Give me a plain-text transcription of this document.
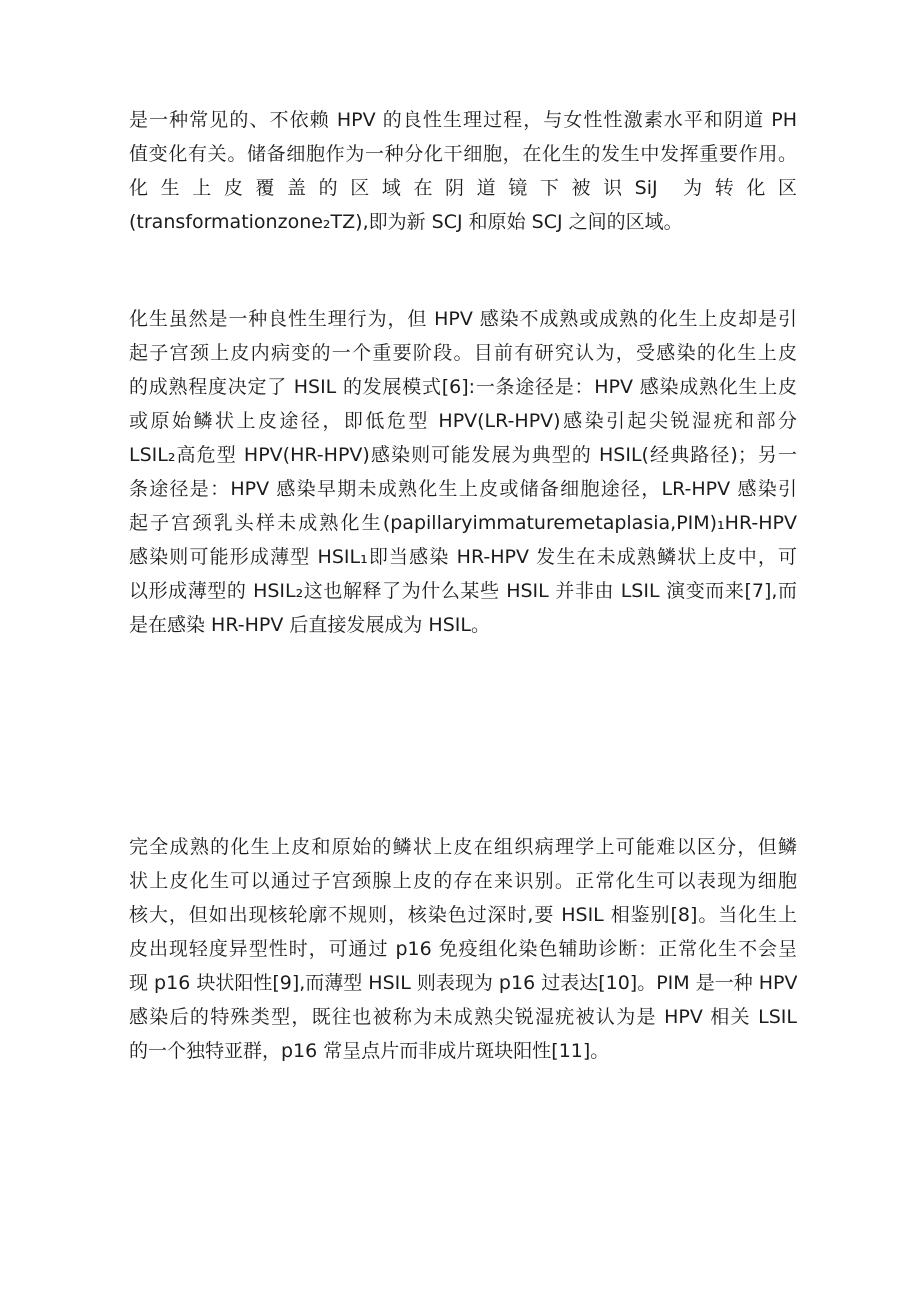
是一种常见的、不依赖 HPV 的良性生理过程，与女性性激素水平和阴道 PH
值变化有关。储备细胞作为一种分化干细胞，在化生的发生中发挥重要作用。
化 生 上 皮 覆 盖 的 区 域 在 阴 道 镜 下 被 识 SiJ　为 转 化 区
(transformationzone₂TZ),即为新 SCJ 和原始 SCJ 之间的区域。
化生虽然是一种良性生理行为，但 HPV 感染不成熟或成熟的化生上皮却是引
起子宫颈上皮内病变的一个重要阶段。目前有研究认为，受感染的化生上皮
的成熟程度决定了 HSIL 的发展模式[6]:一条途径是：HPV 感染成熟化生上皮
或原始鳞状上皮途径，即低危型 HPV(LR-HPV)感染引起尖锐湿疣和部分
LSIL₂高危型 HPV(HR-HPV)感染则可能发展为典型的 HSIL(经典路径)；另一
条途径是：HPV 感染早期未成熟化生上皮或储备细胞途径，LR-HPV 感染引
起子宫颈乳头样未成熟化生(papillaryimmaturemetaplasia,PIM)₁HR-HPV
感染则可能形成薄型 HSIL₁即当感染 HR-HPV 发生在未成熟鳞状上皮中，可
以形成薄型的 HSIL₂这也解释了为什么某些 HSIL 并非由 LSIL 演变而来[7],而
是在感染 HR-HPV 后直接发展成为 HSIL。
完全成熟的化生上皮和原始的鳞状上皮在组织病理学上可能难以区分，但鳞
状上皮化生可以通过子宫颈腺上皮的存在来识别。正常化生可以表现为细胞
核大，但如出现核轮廓不规则，核染色过深时,要 HSIL 相鉴别[8]。当化生上
皮出现轻度异型性时，可通过 p16 免疫组化染色辅助诊断：正常化生不会呈
现 p16 块状阳性[9],而薄型 HSIL 则表现为 p16 过表达[10]。PIM 是一种 HPV
感染后的特殊类型，既往也被称为未成熟尖锐湿疣被认为是 HPV 相关 LSIL
的一个独特亚群，p16 常呈点片而非成片斑块阳性[11]。
